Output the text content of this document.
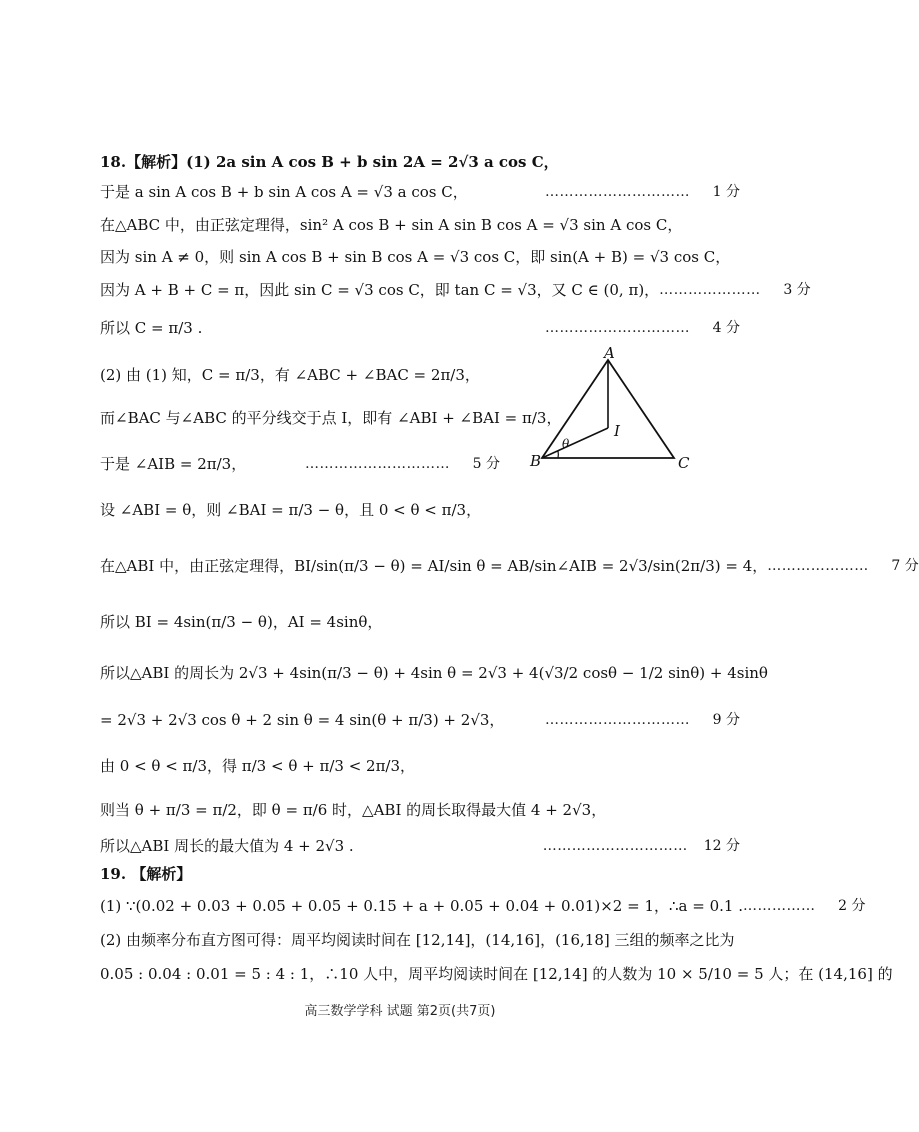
18.【解析】(1) 2a sin A cos B + b sin 2A = 2√3 a cos C，
于是 a sin A cos B + b sin A cos A = √3 a cos C，	…………………………	1 分
在△ABC 中，由正弦定理得，sin² A cos B + sin A sin B cos A = √3 sin A cos C，
因为 sin A ≠ 0，则 sin A cos B + sin B cos A = √3 cos C，即 sin(A + B) = √3 cos C，
因为 A + B + C = π，因此 sin C = √3 cos C，即 tan C = √3，又 C ∈ (0, π)， …………………	3 分
所以 C = π/3 .	…………………………	4 分
(2) 由 (1) 知，C = π/3，有 ∠ABC + ∠BAC = 2π/3，
而∠BAC 与∠ABC 的平分线交于点 I，即有 ∠ABI + ∠BAI = π/3，
于是 ∠AIB = 2π/3，	…………………………	5 分
设 ∠ABI = θ，则 ∠BAI = π/3 − θ，且 0 < θ < π/3，
在△ABI 中，由正弦定理得，BI/sin(π/3 − θ) = AI/sin θ = AB/sin∠AIB = 2√3/sin(2π/3) = 4， …………………	7 分
所以 BI = 4sin(π/3 − θ)，AI = 4sinθ，
所以△ABI 的周长为 2√3 + 4sin(π/3 − θ) + 4sin θ = 2√3 + 4(√3/2 cosθ − 1/2 sinθ) + 4sinθ
= 2√3 + 2√3 cos θ + 2 sin θ = 4 sin(θ + π/3) + 2√3，	…………………………	9 分
由 0 < θ < π/3，得 π/3 < θ + π/3 < 2π/3，
则当 θ + π/3 = π/2，即 θ = π/6 时，△ABI 的周长取得最大值 4 + 2√3，
所以△ABI 周长的最大值为 4 + 2√3 .	………………………… 12 分
19. 【解析】
(1) ∵(0.02 + 0.03 + 0.05 + 0.05 + 0.15 + a + 0.05 + 0.04 + 0.01)×2 = 1，∴a = 0.1 . ……………	2 分
(2) 由频率分布直方图可得：周平均阅读时间在 [12,14]，(14,16]，(16,18] 三组的频率之比为
0.05 : 0.04 : 0.01 = 5 : 4 : 1，∴10 人中，周平均阅读时间在 [12,14] 的人数为 10 × 5/10 = 5 人；在 (14,16] 的
A
B	C
I
θ
高三数学学科 试题 第2页(共7页)
